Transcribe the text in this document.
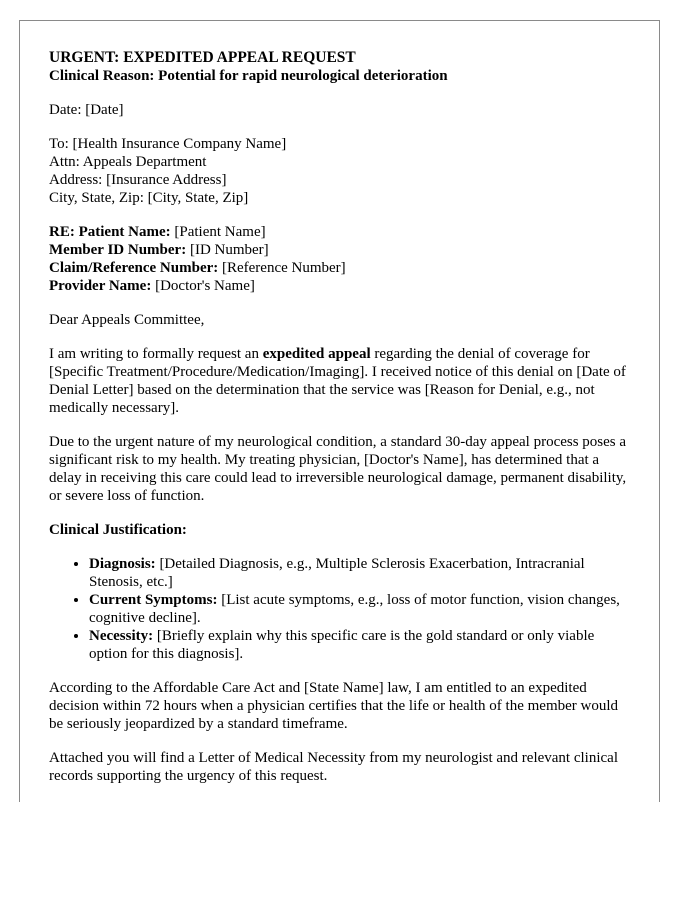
URGENT: EXPEDITED APPEAL REQUEST
Clinical Reason: Potential for rapid neurological deterioration

Date: [Date]

To: [Health Insurance Company Name]
Attn: Appeals Department
Address: [Insurance Address]
City, State, Zip: [City, State, Zip]
RE: Patient Name: [Patient Name]
Member ID Number: [ID Number]
Claim/Reference Number: [Reference Number]
Provider Name: [Doctor's Name]

Dear Appeals Committee,

I am writing to formally request an expedited appeal regarding the denial of coverage for [Specific Treatment/Procedure/Medication/Imaging]. I received notice of this denial on [Date of Denial Letter] based on the determination that the service was [Reason for Denial, e.g., not medically necessary].

Due to the urgent nature of my neurological condition, a standard 30-day appeal process poses a significant risk to my health. My treating physician, [Doctor's Name], has determined that a delay in receiving this care could lead to irreversible neurological damage, permanent disability, or severe loss of function.

Clinical Justification:
• Diagnosis: [Detailed Diagnosis, e.g., Multiple Sclerosis Exacerbation, Intracranial Stenosis, etc.]
• Current Symptoms: [List acute symptoms, e.g., loss of motor function, vision changes, cognitive decline].
• Necessity: [Briefly explain why this specific care is the gold standard or only viable option for this diagnosis].

According to the Affordable Care Act and [State Name] law, I am entitled to an expedited decision within 72 hours when a physician certifies that the life or health of the member would be seriously jeopardized by a standard timeframe.

Attached you will find a Letter of Medical Necessity from my neurologist and relevant clinical records supporting the urgency of this request.
